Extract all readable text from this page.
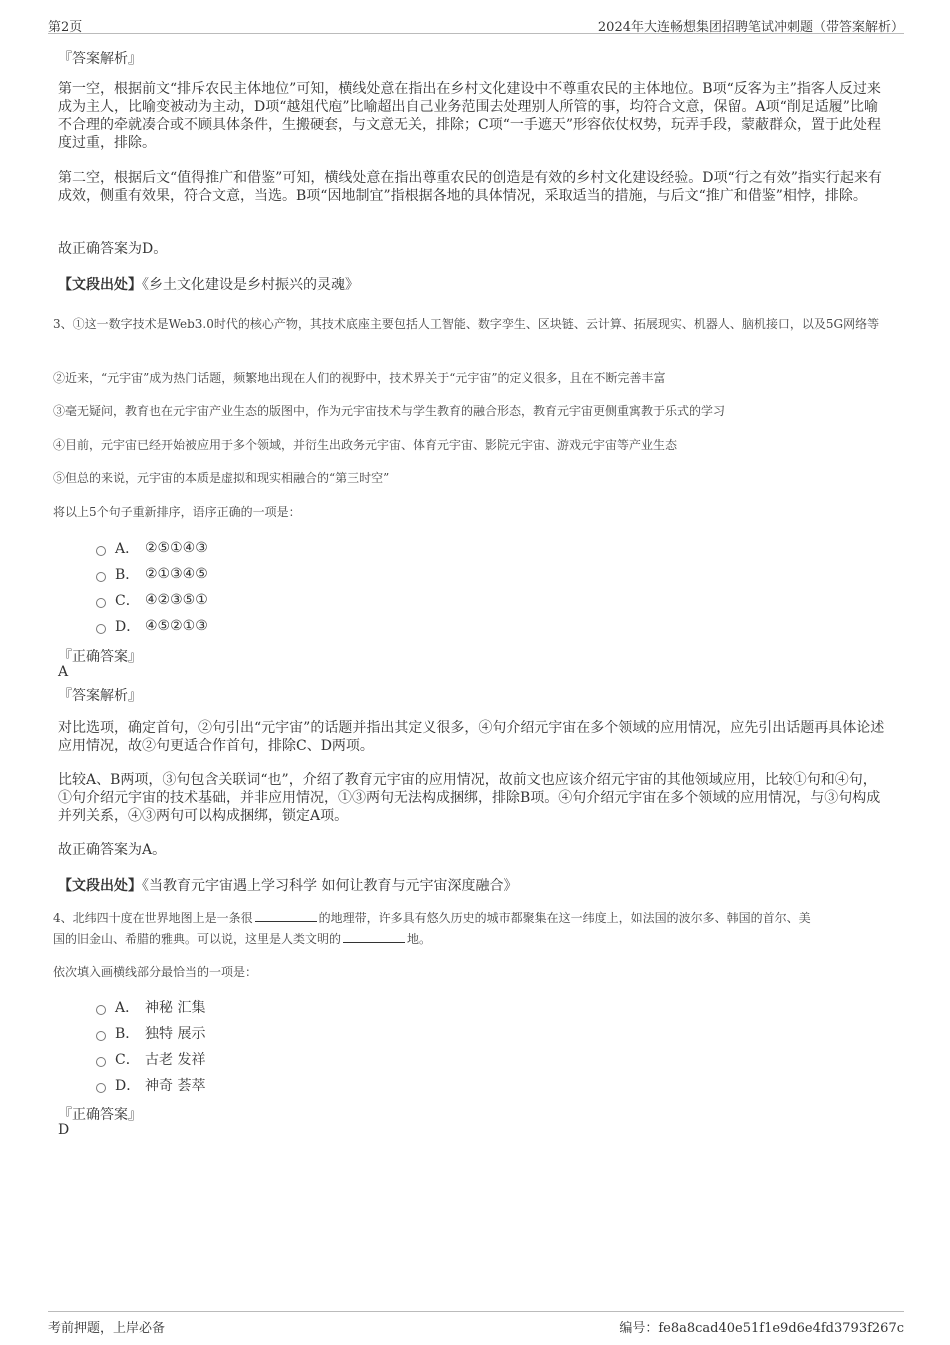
第2页	2024年大连畅想集团招聘笔试冲刺题（带答案解析）
『答案解析』
第一空，根据前文“排斥农民主体地位”可知，横线处意在指出在乡村文化建设中不尊重农民的主体地位。B项“反客为主”指客人反过来成为主人，比喻变被动为主动，D项“越俎代庖”比喻超出自己业务范围去处理别人所管的事，均符合文意，保留。A项“削足适履”比喻不合理的牵就凑合或不顾具体条件，生搬硬套，与文意无关，排除；C项“一手遮天”形容依仗权势，玩弄手段，蒙蔽群众，置于此处程度过重，排除。
第二空，根据后文“值得推广和借鉴”可知，横线处意在指出尊重农民的创造是有效的乡村文化建设经验。D项“行之有效”指实行起来有成效，侧重有效果，符合文意，当选。B项“因地制宜”指根据各地的具体情况，采取适当的措施，与后文“推广和借鉴”相悖，排除。
故正确答案为D。
【文段出处】《乡土文化建设是乡村振兴的灵魂》
3、①这一数字技术是Web3.0时代的核心产物，其技术底座主要包括人工智能、数字孪生、区块链、云计算、拓展现实、机器人、脑机接口，以及5G网络等
②近来，“元宇宙”成为热门话题，频繁地出现在人们的视野中，技术界关于“元宇宙”的定义很多，且在不断完善丰富
③毫无疑问，教育也在元宇宙产业生态的版图中，作为元宇宙技术与学生教育的融合形态，教育元宇宙更侧重寓教于乐式的学习
④目前，元宇宙已经开始被应用于多个领域，并衍生出政务元宇宙、体育元宇宙、影院元宇宙、游戏元宇宙等产业生态
⑤但总的来说，元宇宙的本质是虚拟和现实相融合的“第三时空”
将以上5个句子重新排序，语序正确的一项是：
A． ②⑤①④③
B． ②①③④⑤
C． ④②③⑤①
D． ④⑤②①③
『正确答案』
A
『答案解析』
对比选项，确定首句，②句引出“元宇宙”的话题并指出其定义很多，④句介绍元宇宙在多个领域的应用情况，应先引出话题再具体论述应用情况，故②句更适合作首句，排除C、D两项。
比较A、B两项，③句包含关联词“也”，介绍了教育元宇宙的应用情况，故前文也应该介绍元宇宙的其他领域应用，比较①句和④句，①句介绍元宇宙的技术基础，并非应用情况，①③两句无法构成捆绑，排除B项。④句介绍元宇宙在多个领域的应用情况，与③句构成并列关系，④③两句可以构成捆绑，锁定A项。
故正确答案为A。
【文段出处】《当教育元宇宙遇上学习科学 如何让教育与元宇宙深度融合》
4、北纬四十度在世界地图上是一条很	的地理带，许多具有悠久历史的城市都聚集在这一纬度上，如法国的波尔多、韩国的首尔、美
国的旧金山、希腊的雅典。可以说，这里是人类文明的	地。
依次填入画横线部分最恰当的一项是：
A． 神秘 汇集
B． 独特 展示
C． 古老 发祥
D． 神奇 荟萃
『正确答案』
D
考前押题，上岸必备	编号：fe8a8cad40e51f1e9d6e4fd3793f267c
